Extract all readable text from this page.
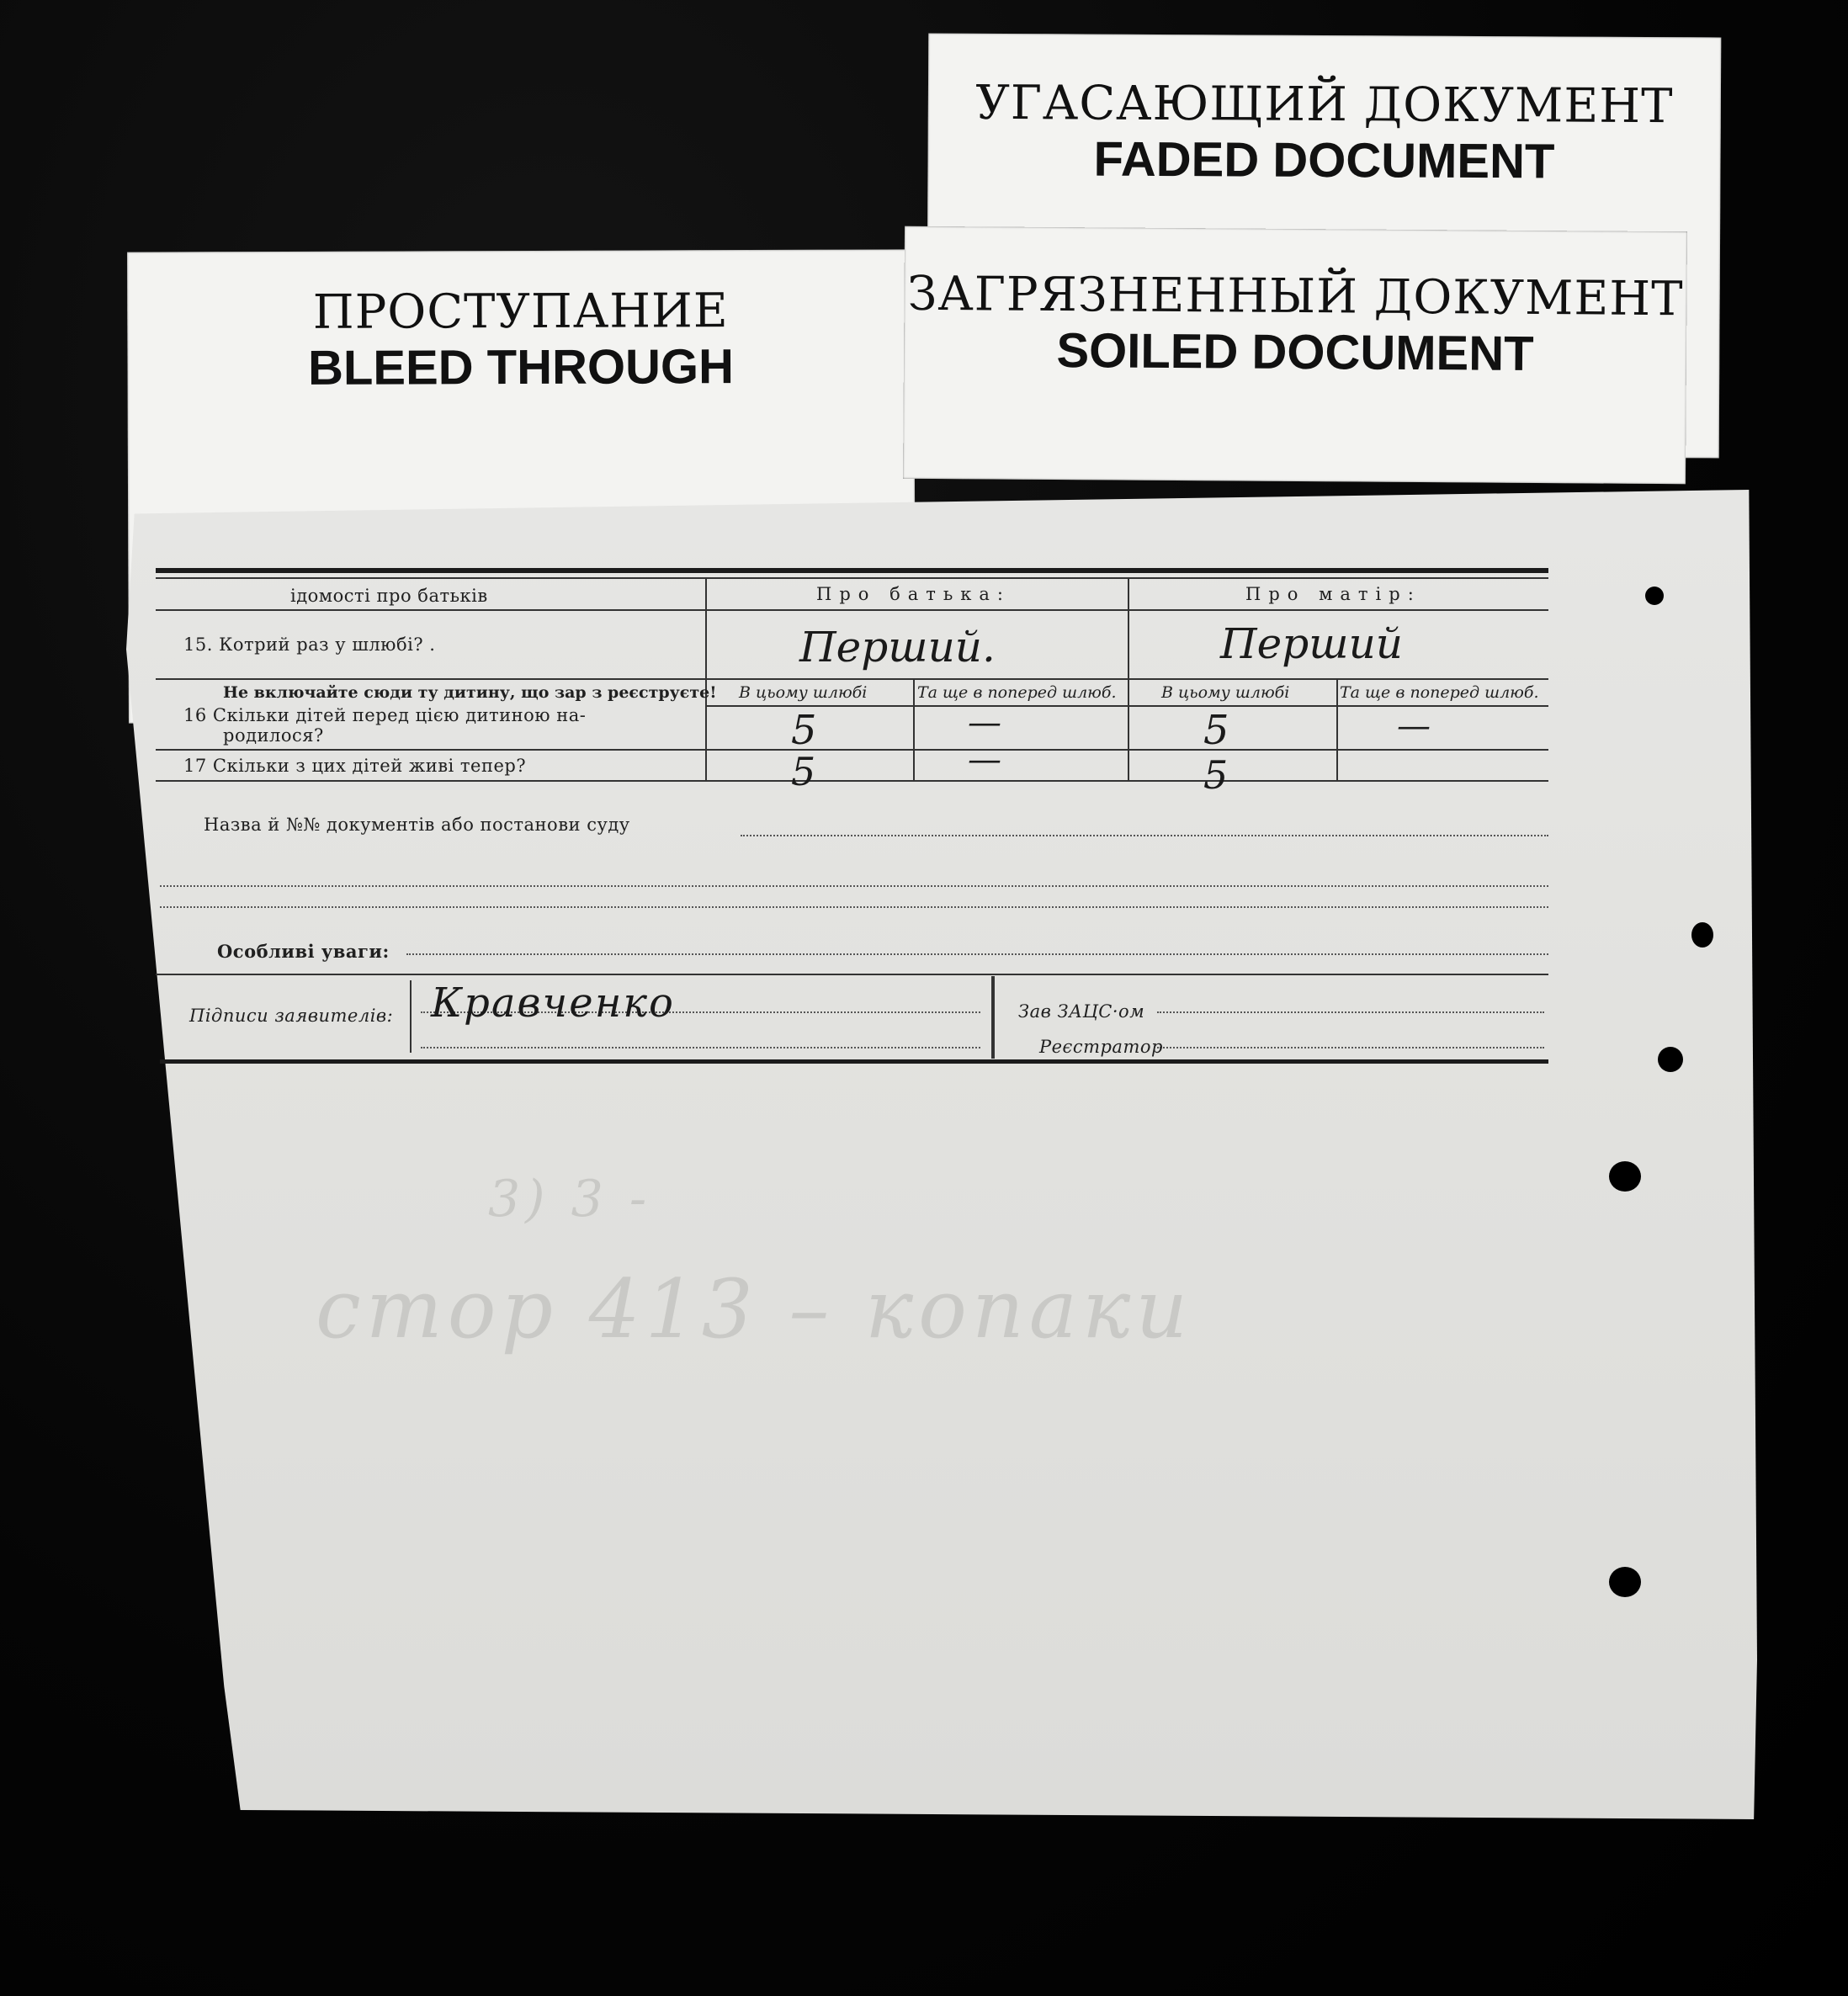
УГАСАЮЩИЙ ДОКУМЕНТ
FADED DOCUMENT
ПРОСТУПАНИЕ
BLEED THROUGH
ЗАГРЯЗНЕННЫЙ ДОКУМЕНТ
SOILED DOCUMENT
ідомості про батьків	Про батька:	Про матір:
15. Котрий раз у шлюбі? .	Перший.	Перший
Не включайте сюди ту дитину, що зар з реєструєте! В цьому шлюбі	Та ще в попеpeд шлюб.	В цьому шлюбі	Та ще в попеpeд шлюб.
16 Скільки дітей перед цією дитиною на-
родилося?	5	—	5	—
17 Скільки з цих дітей живі тепер?	5	—	5
Назва й №№ документів або постанови суду
Особливі уваги:
Підписи заявителів: Кравченко	Зав ЗАЦС·ом
Реєстратор
3) 3 -
стор 413 – копаки
